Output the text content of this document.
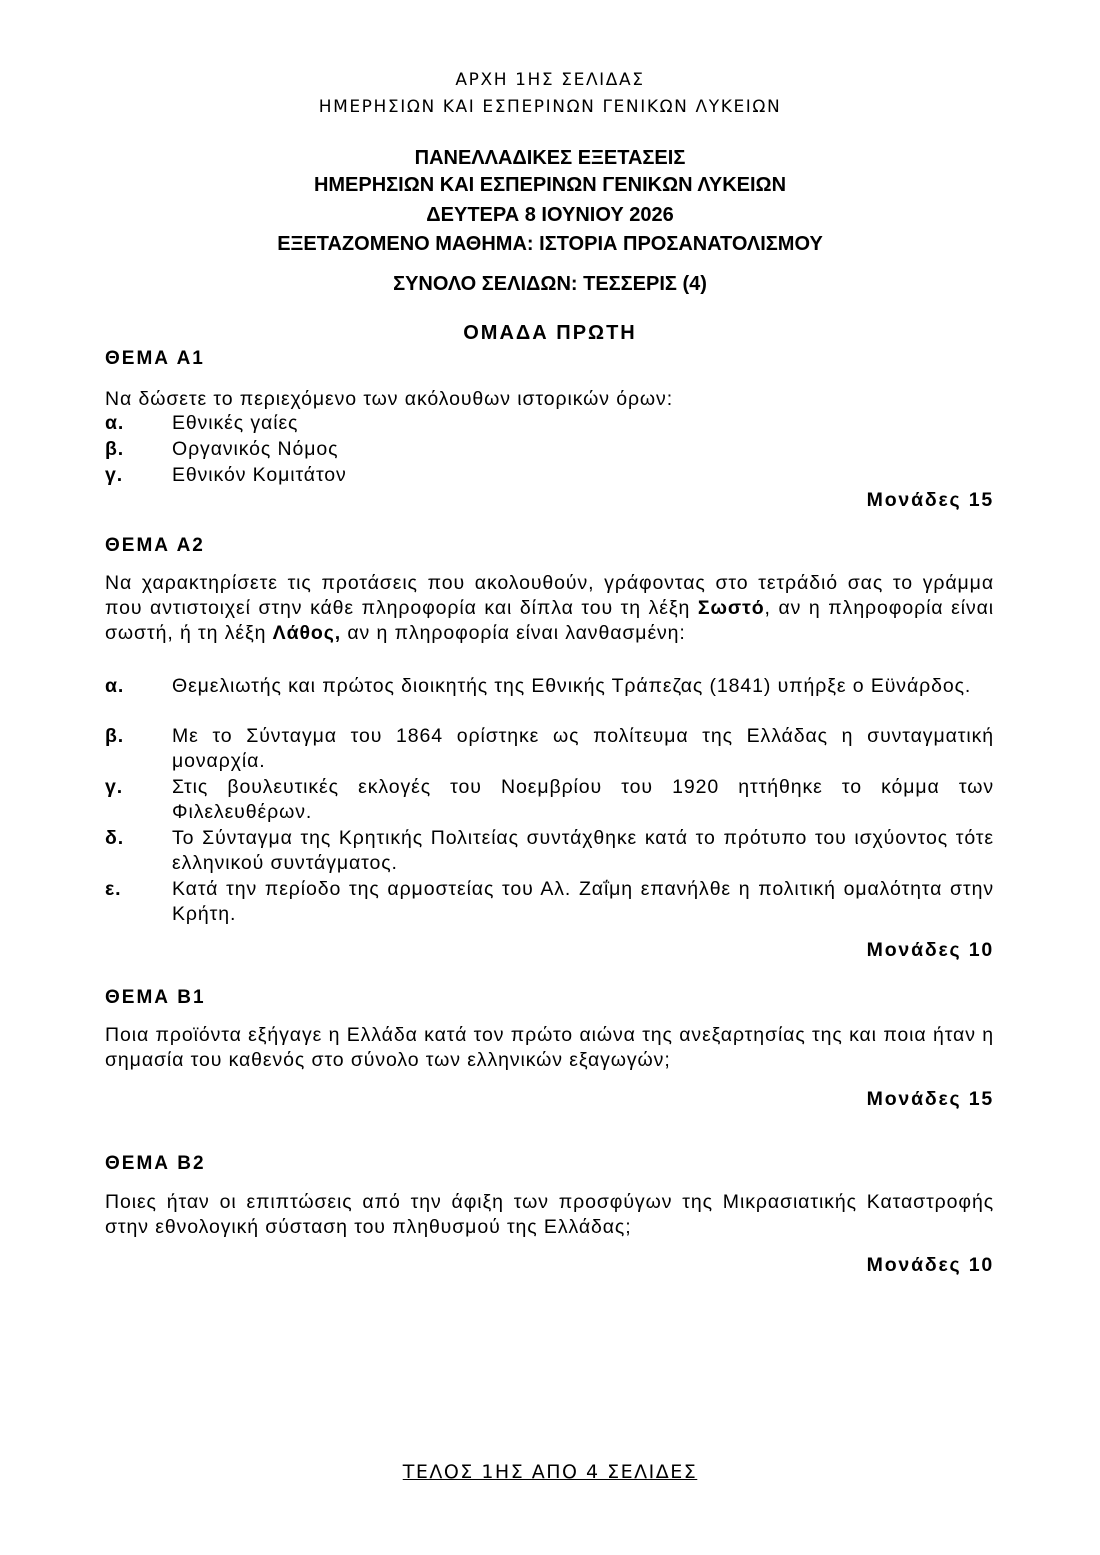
ΑΡΧΗ 1ΗΣ ΣΕΛΙΔΑΣ
ΗΜΕΡΗΣΙΩΝ ΚΑΙ ΕΣΠΕΡΙΝΩΝ ΓΕΝΙΚΩΝ ΛΥΚΕΙΩΝ
ΠΑΝΕΛΛΑΔΙΚΕΣ ΕΞΕΤΑΣΕΙΣ
ΗΜΕΡΗΣΙΩΝ ΚΑΙ ΕΣΠΕΡΙΝΩΝ ΓΕΝΙΚΩΝ ΛΥΚΕΙΩΝ
ΔΕΥΤΕΡΑ 8 ΙΟΥΝΙΟΥ 2026
ΕΞΕΤΑΖΟΜΕΝΟ ΜΑΘΗΜΑ: ΙΣΤΟΡΙΑ ΠΡΟΣΑΝΑΤΟΛΙΣΜΟΥ
ΣΥΝΟΛΟ ΣΕΛΙΔΩΝ: ΤΕΣΣΕΡΙΣ (4)
ΟΜΑΔΑ ΠΡΩΤΗ
ΘΕΜΑ Α1
Να δώσετε το περιεχόμενο των ακόλουθων ιστορικών όρων:
α. Εθνικές γαίες
β. Οργανικός Νόμος
γ.	Εθνικόν Κομιτάτον
Μονάδες 15
ΘΕΜΑ Α2
Να χαρακτηρίσετε τις προτάσεις που ακολουθούν, γράφοντας στο τετράδιό σας το γράμμα που αντιστοιχεί στην κάθε πληροφορία και δίπλα του τη λέξη Σωστό, αν η πληροφορία είναι σωστή, ή τη λέξη Λάθος, αν η πληροφορία είναι λανθασμένη:
α. Θεμελιωτής και πρώτος διοικητής της Εθνικής Τράπεζας (1841) υπήρξε ο Εϋνάρδος.
β. Με το Σύνταγμα του 1864 ορίστηκε ως πολίτευμα της Ελλάδας η συνταγματική μοναρχία.
γ.	Στις βουλευτικές εκλογές του Νοεμβρίου του 1920 ηττήθηκε το κόμμα των Φιλελευθέρων.
δ. Το Σύνταγμα της Κρητικής Πολιτείας συντάχθηκε κατά το πρότυπο του ισχύοντος τότε ελληνικού συντάγματος.
ε.	Κατά την περίοδο της αρμοστείας του Αλ. Ζαΐμη επανήλθε η πολιτική ομαλότητα στην Κρήτη.
Μονάδες 10
ΘΕΜΑ Β1
Ποια προϊόντα εξήγαγε η Ελλάδα κατά τον πρώτο αιώνα της ανεξαρτησίας της και ποια ήταν η σημασία του καθενός στο σύνολο των ελληνικών εξαγωγών;
Μονάδες 15
ΘΕΜΑ Β2
Ποιες ήταν οι επιπτώσεις από την άφιξη των προσφύγων της Μικρασιατικής Καταστροφής στην εθνολογική σύσταση του πληθυσμού της Ελλάδας;
Μονάδες 10
ΤΕΛΟΣ 1ΗΣ ΑΠΟ 4 ΣΕΛΙΔΕΣ
